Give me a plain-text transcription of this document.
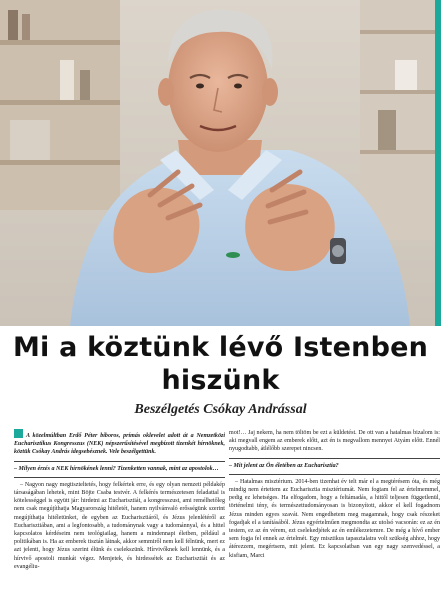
Mi a köztünk lévő Istenben hiszünk
Beszélgetés Csókay Andrással

A közelmúltban Erdő Péter bíboros, prímás oklevelet adott át a Nemzetközi Eucharisztikus Kongresszus (NEK) népszerűsítésével megbízott tizenkét hírnöknek, köztük Csókay András idegsebésznek. Vele beszélgettünk.

– Milyen érzés a NEK hírnökének lenni? Tizenketten vannak, mint az apostolok…

– Nagyon nagy megtiszteltetés, hogy felkértek erre, és egy olyan nemzeti példakép társaságában lehetek, mint Böjte Csaba testvér. A felkérés természetesen feladattal is kötelességgel is együtt jár: hirdetni az Eucharisztiát, a kongresszust, ami remélhetőleg nem csak megújíthatja Magyarország hitéletét, hanem nyilvánvaló erősségünk szerint megújíthatja hitéletünket, de egyben az Eucharisztiáról, és Jézus jelenlétéről az Eucharisztiában, ami a legfontosabb, a tudománynak vagy a tudománnyal, és a hittel kapcsolatos kérdéseim nem teológiailag, hanem a mindennapi életben, például a politikában is. Ha az emberek tisztán látnak, akkor semmiről nem kell félnünk, mert ez azt jelenti, hogy Jézus szerint élünk és cselekszünk. Hírvivőknek kell lennünk, és a hírvivő apostoli munkát végez. Menjetek, és hirdessétek az Eucharisztiát és az evangéliu-

mot!… Jaj nekem, ha nem töltöm be ezt a küldetést. De ott van a hatalmas bizalom is: aki megvall engem az emberek előtt, azt én is megvallom mennyei Atyám előtt. Ennél nyugodtabb, átlélőbb szerepet nincsen.

– Mit jelent az Ön életében az Eucharisztia?

– Hatalmas misztérium. 2014-ben tizenhat év telt már el a megtérésem óta, és még mindig nem értettem az Eucharisztia misztériumát. Nem fogtam fel az értelmemmel, pedig ez lehetséges. Ha elfogadom, hogy a feltámadás, a hittől teljesen függetlenül, történelmi tény, és természettudományosan is bizonyított, akkor el kell fogadnom Jézus minden egyes szavát. Nem engedhetem meg magamnak, hogy csak részeket fogadjak el a tanításából. Jézus egyértelműen megmondta az utolsó vacsorán: ez az én testem, ez az én vérem, ezt cselekedjétek az én emlékezetemre. De még a hívő ember sem fogja fel ennek az értelmét. Egy misztikus tapasztalatra volt szükség ahhoz, hogy átérezzem, megértsem, mit jelent. Ez kapcsolatban van egy nagy szenvedéssel, a kisfiam, Marci
